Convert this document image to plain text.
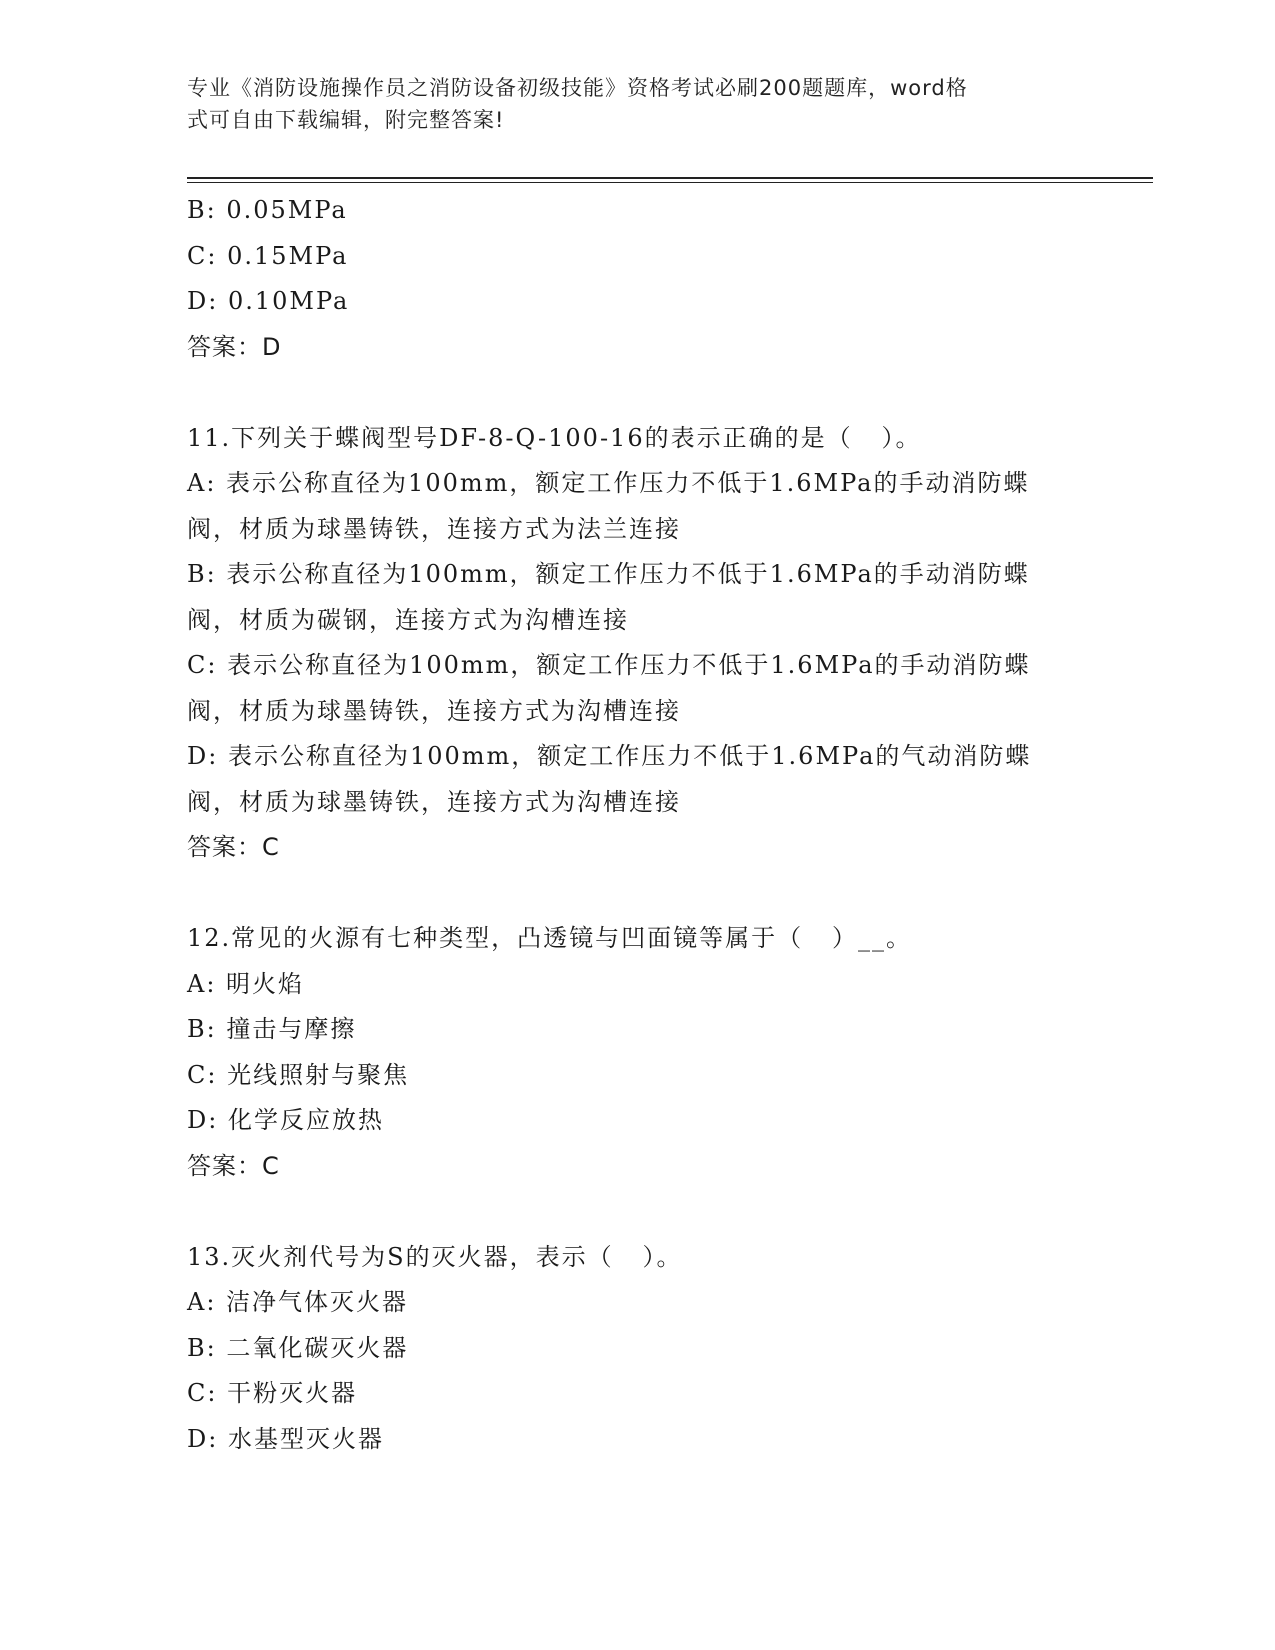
专业《消防设施操作员之消防设备初级技能》资格考试必刷200题题库，word格
式可自由下载编辑，附完整答案!
B: 0.05MPa
C: 0.15MPa
D: 0.10MPa
答案：D
11.下列关于蝶阀型号DF-8-Q-100-16的表示正确的是（   ）。
A: 表示公称直径为100mm，额定工作压力不低于1.6MPa的手动消防蝶
阀，材质为球墨铸铁，连接方式为法兰连接
B: 表示公称直径为100mm，额定工作压力不低于1.6MPa的手动消防蝶
阀，材质为碳钢，连接方式为沟槽连接
C: 表示公称直径为100mm，额定工作压力不低于1.6MPa的手动消防蝶
阀，材质为球墨铸铁，连接方式为沟槽连接
D: 表示公称直径为100mm，额定工作压力不低于1.6MPa的气动消防蝶
阀，材质为球墨铸铁，连接方式为沟槽连接
答案：C
12.常见的火源有七种类型，凸透镜与凹面镜等属于（   ）__。
A: 明火焰
B: 撞击与摩擦
C: 光线照射与聚焦
D: 化学反应放热
答案：C
13.灭火剂代号为S的灭火器，表示（   ）。
A: 洁净气体灭火器
B: 二氧化碳灭火器
C: 干粉灭火器
D: 水基型灭火器
